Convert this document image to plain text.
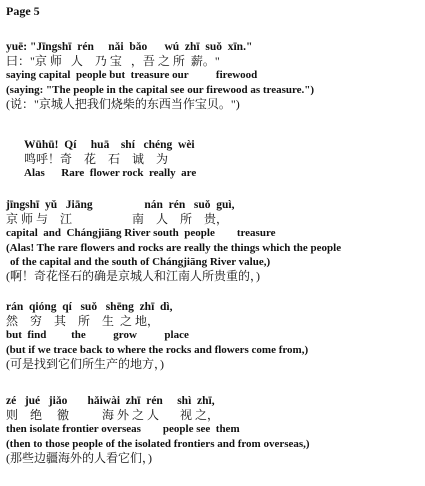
Page 5
yuē: "Jīngshī  rén     nǎi  bǎo      wú  zhī  suǒ  xīn."
曰："京 师   人    乃 宝   ，吾 之 所  薪。"
saying capital  people but  treasure our          firewood
(saying: "The people in the capital see our firewood as treasure.")
(说："京城人把我们烧柴的东西当作宝贝。")
Wūhū!  Qí     huā    shí   chéng  wèi
鸣呼！奇    花    石    诚    为
Alas      Rare  flower rock  really  are
jīngshī  yǔ   Jiāng                  nán  rén   suǒ  guì,
京 师 与    江                    南    人    所    贵，
capital  and  Chángjiāng River south  people        treasure
(Alas! The rare flowers and rocks are really the things which the people
of the capital and the south of Chángjiāng River value,)
(啊！奇花怪石的确是京城人和江南人所贵重的，)
rán  qióng  qí   suǒ   shēng  zhī  dì,
然    穷    其    所    生  之 地，
but  find         the          grow          place
(but if we trace back to where the rocks and flowers come from,)
(可是找到它们所生产的地方，)
zé   jué   jiǎo       hǎiwài  zhī  rén     shì  zhī,
则    绝     徼           海 外 之 人       视 之，
then isolate frontier overseas        people see  them
(then to those people of the isolated frontiers and from overseas,)
(那些边疆海外的人看它们，)
